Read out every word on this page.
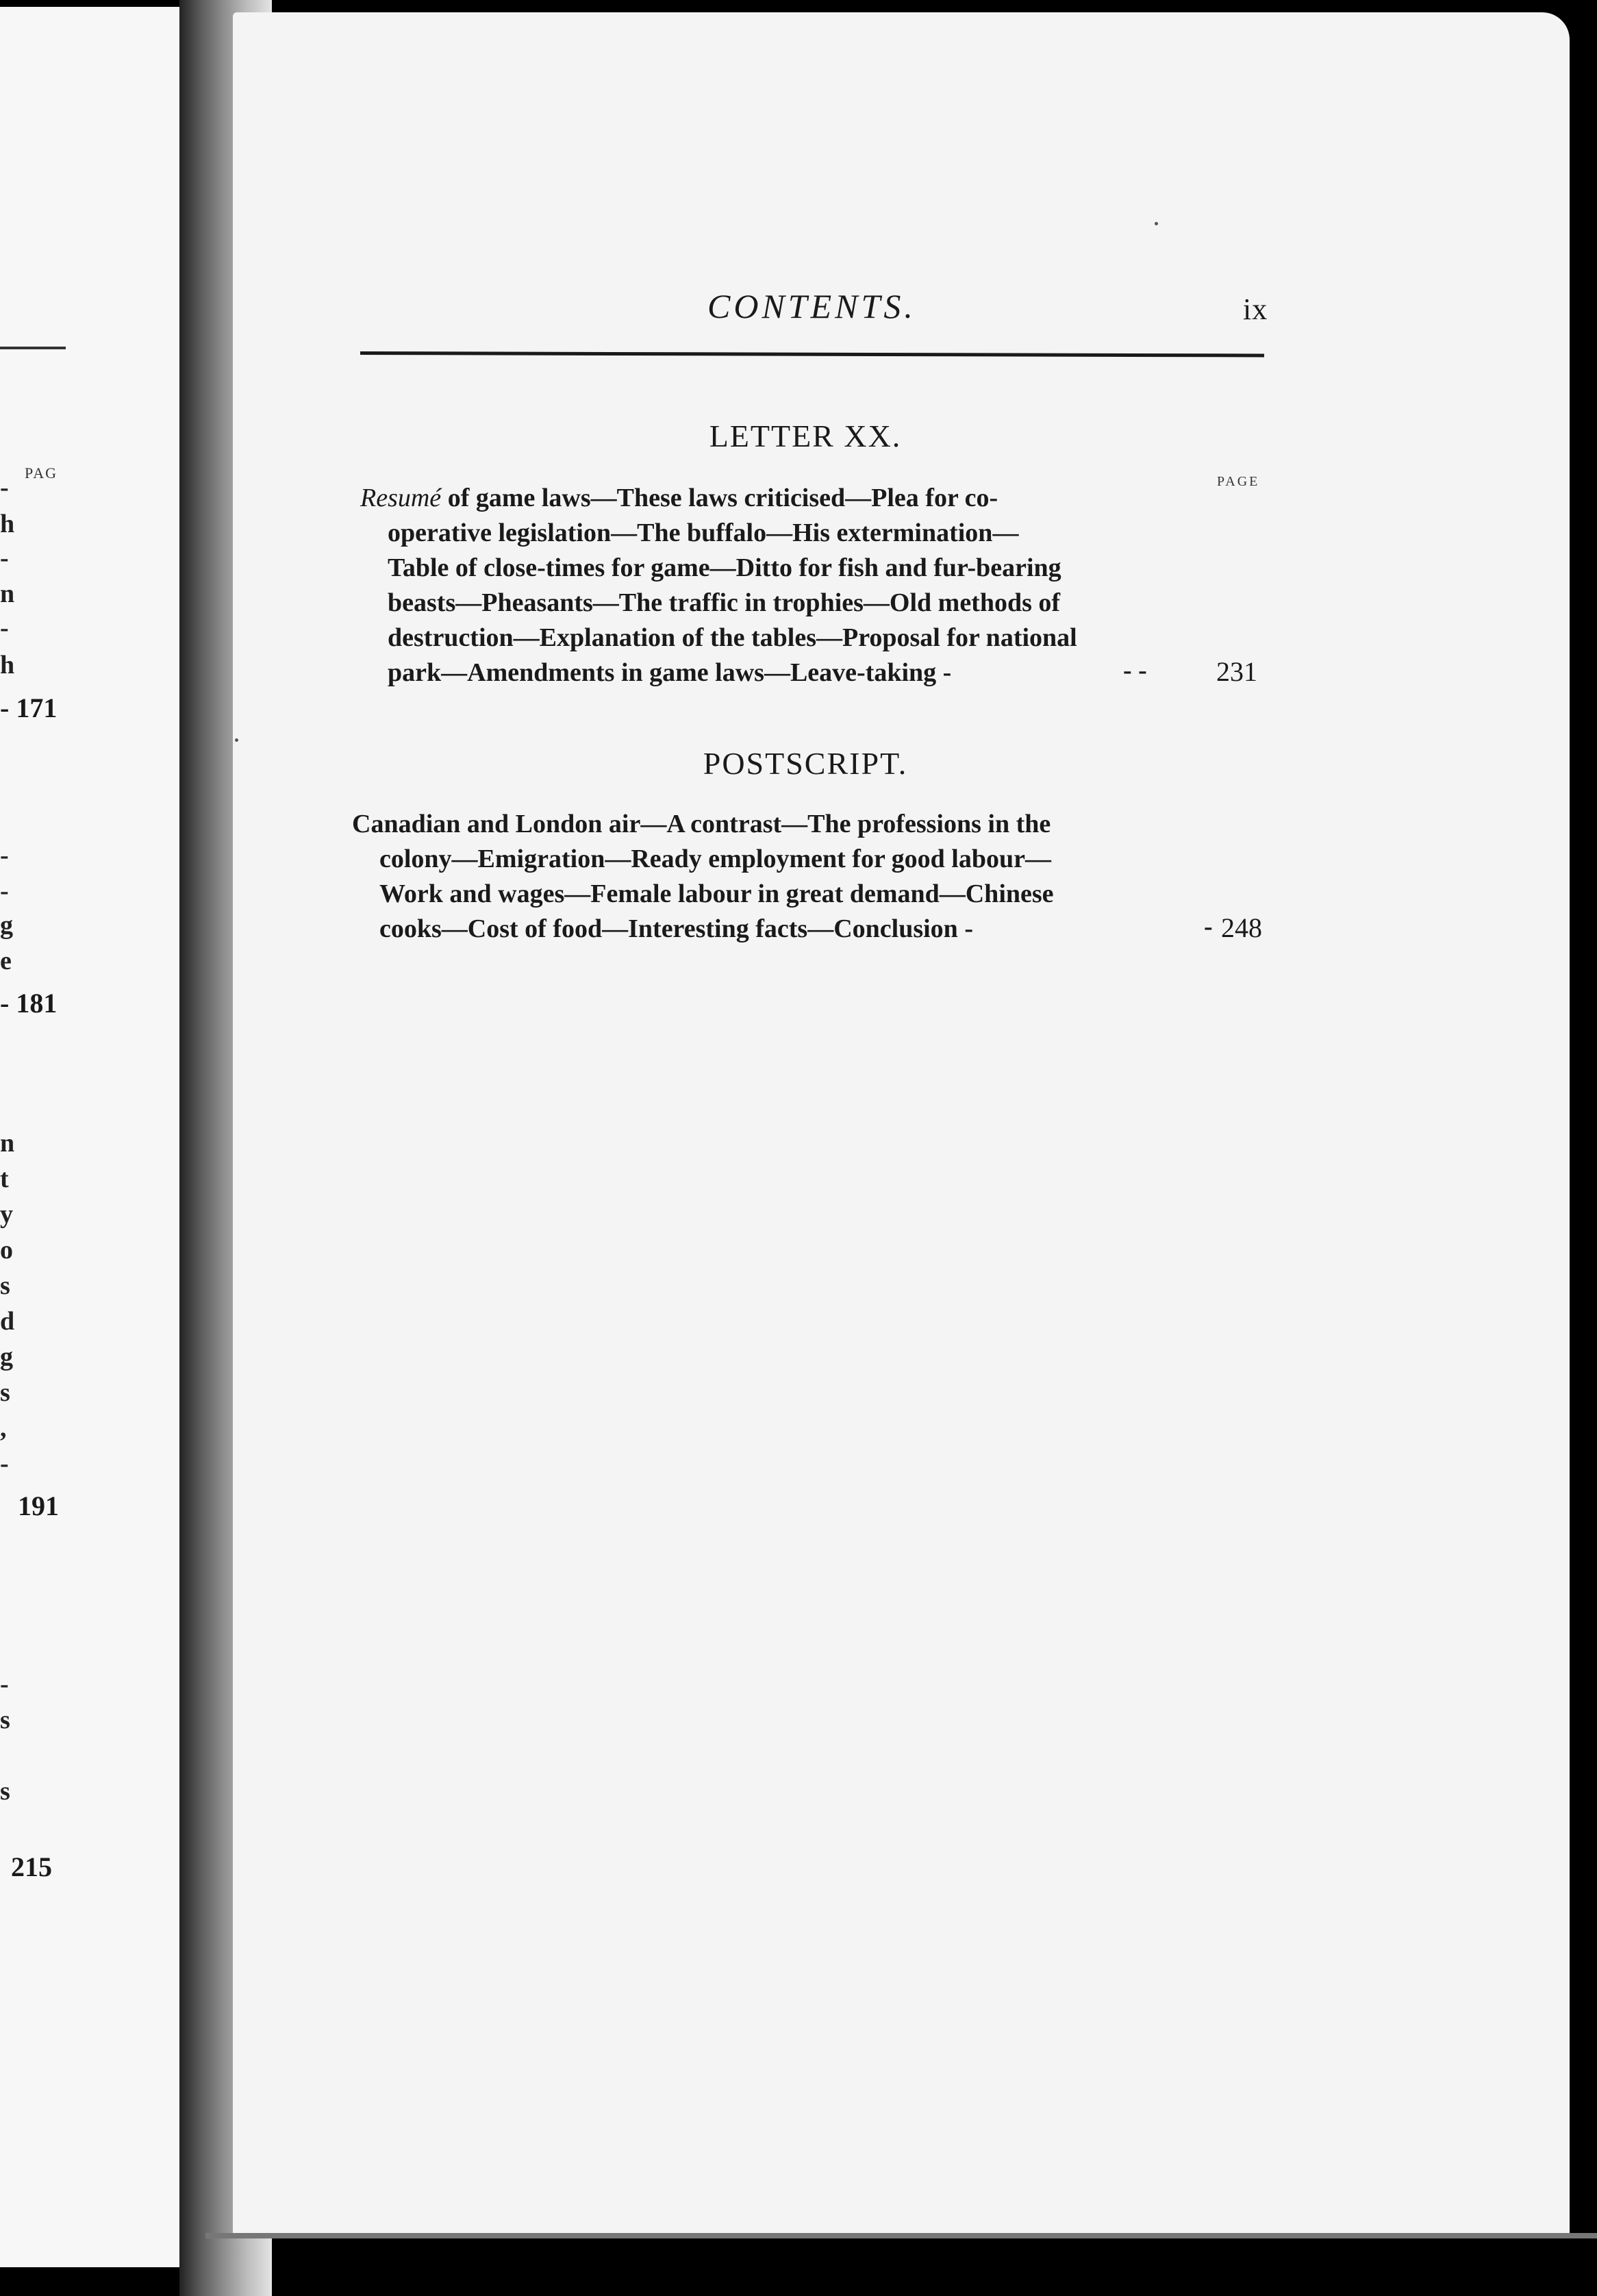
PAG
-
h
-
n
-
h
- 171
-
-
g
e
- 181
n
t
y
o
s
d
g
s
,
-
191
-
s
s
215
CONTENTS.	ix
LETTER XX.
PAGE
Resumé of game laws—These laws criticised—Plea for co-
operative legislation—The buffalo—His extermination—
Table of close-times for game—Ditto for fish and fur-bearing
beasts—Pheasants—The traffic in trophies—Old methods of
destruction—Explanation of the tables—Proposal for national
park—Amendments in game laws—Leave-taking -	- -	231
POSTSCRIPT.
Canadian and London air—A contrast—The professions in the
colony—Emigration—Ready employment for good labour—
Work and wages—Female labour in great demand—Chinese
cooks—Cost of food—Interesting facts—Conclusion -	- 248
